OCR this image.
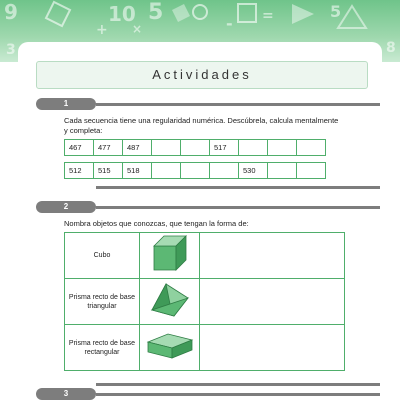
9	10 5
3	8
5
+ ×	- =
Actividades
1
Cada secuencia tiene una regularidad numérica. Descúbrela, calcula mentalmente
y completa:
467	477	487			517			
512	515	518				530		
2
Nombra objetos que conozcas, que tengan la forma de:
Cubo

Prisma recto de base
triangular

Prisma recto de base
rectangular

3
